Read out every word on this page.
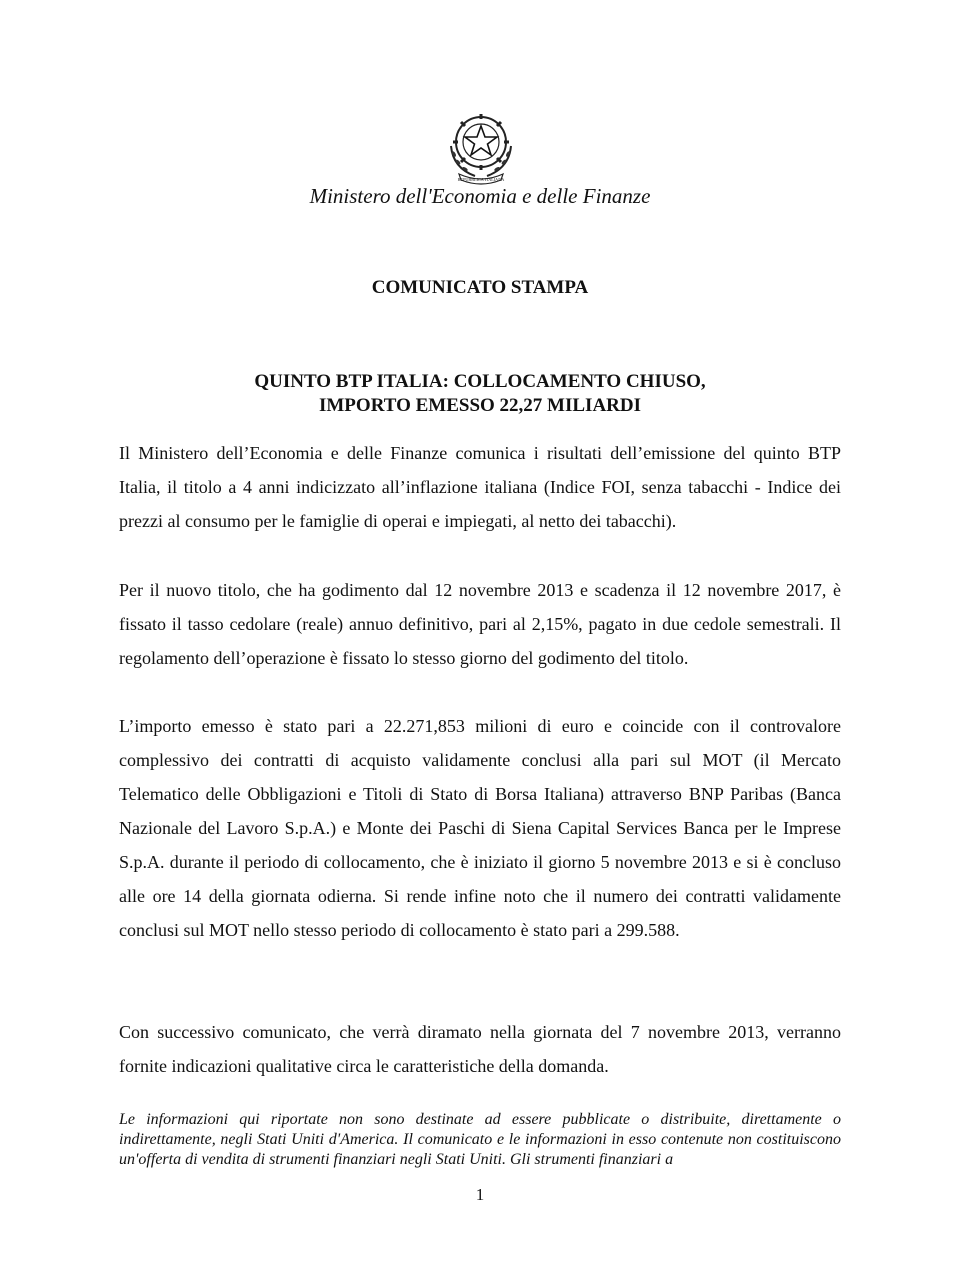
REPUBBLICA ITALIANA
Ministero dell'Economia e delle Finanze
COMUNICATO STAMPA
QUINTO BTP ITALIA: COLLOCAMENTO CHIUSO,
IMPORTO EMESSO 22,27 MILIARDI

Il Ministero dell’Economia e delle Finanze comunica i risultati dell’emissione del quinto BTP Italia, il titolo a 4 anni indicizzato all’inflazione italiana (Indice FOI, senza tabacchi - Indice dei prezzi al consumo per le famiglie di operai e impiegati, al netto dei tabacchi).

Per il nuovo titolo, che ha godimento dal 12 novembre 2013 e scadenza il 12 novembre 2017, è fissato il tasso cedolare (reale) annuo definitivo, pari al 2,15%, pagato in due cedole semestrali. Il regolamento dell’operazione è fissato lo stesso giorno del godimento del titolo.

L’importo emesso è stato pari a 22.271,853 milioni di euro e coincide con il controvalore complessivo dei contratti di acquisto validamente conclusi alla pari sul MOT (il Mercato Telematico delle Obbligazioni e Titoli di Stato di Borsa Italiana) attraverso BNP Paribas (Banca Nazionale del Lavoro S.p.A.) e Monte dei Paschi di Siena Capital Services Banca per le Imprese S.p.A. durante il periodo di collocamento, che è iniziato il giorno 5 novembre 2013 e si è concluso alle ore 14 della giornata odierna. Si rende infine noto che il numero dei contratti validamente conclusi sul MOT nello stesso periodo di collocamento è stato pari a 299.588.

Con successivo comunicato, che verrà diramato nella giornata del 7 novembre 2013, verranno fornite indicazioni qualitative circa le caratteristiche della domanda.

Le informazioni qui riportate non sono destinate ad essere pubblicate o distribuite, direttamente o indirettamente, negli Stati Uniti d'America. Il comunicato e le informazioni in esso contenute non costituiscono un'offerta di vendita di strumenti finanziari negli Stati Uniti. Gli strumenti finanziari a
1
